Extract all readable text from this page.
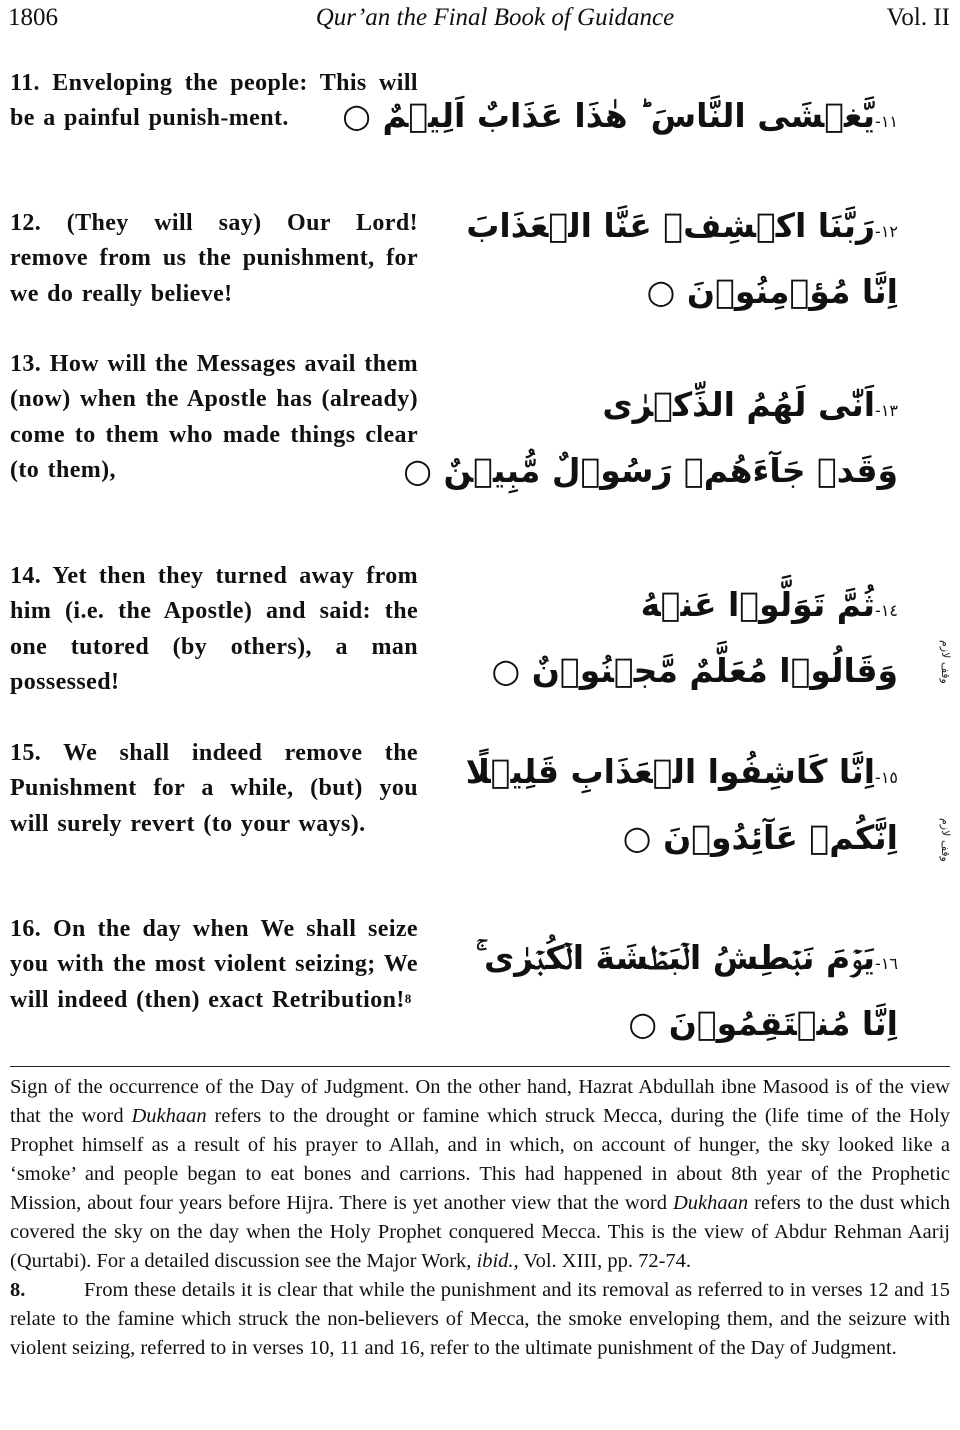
1806	Qur’an the Final Book of Guidance	Vol. II
11. Enveloping the people: This will be a painful punish-ment.	١١-يَّغۡشَى النَّاسَ ؕ هٰذَا عَذَابٌ اَلِيۡمٌ ○
12. (They will say) Our Lord! remove from us the punishment, for we do really believe!
١٢-رَبَّنَا اكۡشِفۡ عَنَّا الۡعَذَابَ
اِنَّا مُؤۡمِنُوۡنَ ○
13. How will the Messages avail them (now) when the Apostle has (already) come to them who made things clear (to them),
١٣-اَنّٰى لَهُمُ الذِّكۡرٰى
وَقَدۡ جَآءَهُمۡ رَسُوۡلٌ مُّبِيۡنٌ ○
14. Yet then they turned away from him (i.e. the Apostle) and said: the one tutored (by others), a man possessed!
١٤-ثُمَّ تَوَلَّوۡا عَنۡهُ
وَقَالُوۡا مُعَلَّمٌ مَّجۡنُوۡنٌ ○	وقف لازم
15. We shall indeed remove the Punishment for a while, (but) you will surely revert (to your ways).
١٥-اِنَّا كَاشِفُوا الۡعَذَابِ قَلِيۡلًا
اِنَّكُمۡ عَآئِدُوۡنَ ○	وقف لازم
16. On the day when We shall seize you with the most violent seizing; We will indeed (then) exact Retribution!$^8$
١٦-يَوۡمَ نَبۡطِشُ الۡبَطۡشَةَ الۡكُبۡرٰى ۚ
اِنَّا مُنۡتَقِمُوۡنَ ○

Sign of the occurrence of the Day of Judgment. On the other hand, Hazrat Abdullah ibne Masood is of the view that the word Dukhaan refers to the drought or famine which struck Mecca, during the (life time of the Holy Prophet himself as a result of his prayer to Allah, and in which, on account of hunger, the sky looked like a ‘smoke’ and people began to eat bones and carrions. This had happened in about 8th year of the Prophetic Mission, about four years before Hijra. There is yet another view that the word Dukhaan refers to the dust which covered the sky on the day when the Holy Prophet conquered Mecca. This is the view of Abdur Rehman Aarij (Qurtabi). For a detailed discussion see the Major Work, ibid., Vol. XIII, pp. 72-74.

8.	From these details it is clear that while the punishment and its removal as referred to in verses 12 and 15 relate to the famine which struck the non-believers of Mecca, the smoke enveloping them, and the seizure with violent seizing, referred to in verses 10, 11 and 16, refer to the ultimate punishment of the Day of Judgment.
